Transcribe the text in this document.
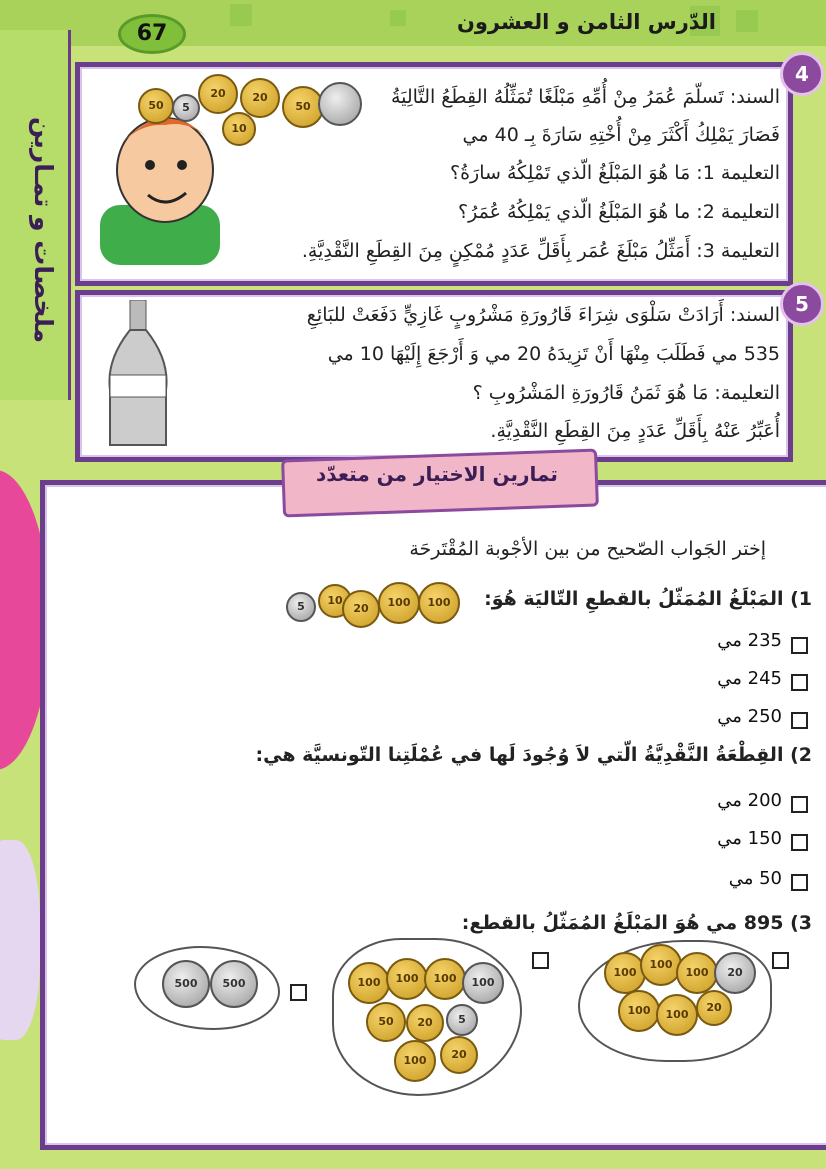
الدّرس الثامن و العشرون
67
ملخصات و تمـارين
4
50	5
20	20
10
50	السند: تَسلّمَ عُمَرُ مِنْ أُمِّهِ مَبْلَغًا تُمَثِّلُهُ القِطَعُ التَّالِيَةُ
فَصَارَ يَمْلِكُ أَكْثَرَ مِنْ أُخْتِهِ سَارَةَ بِـ 40 مي
التعليمة 1: مَا هُوَ المَبْلَغُ الّذي تَمْلِكُهُ سارَةُ؟
التعليمة 2: ما هُوَ المَبْلَغُ الّذي يَمْلِكُهُ عُمَرُ؟
التعليمة 3: أَمَثِّلُ مَبْلَغَ عُمَر بِأَقَلِّ عَدَدٍ مُمْكِنٍ مِنَ القِطَعِ النَّقْدِيَّةِ.
5
السند: أَرَادَتْ سَلْوَى شِرَاءَ قَارُورَةِ مَشْرُوبٍ غَازِيٍّ دَفَعَتْ للبَائِعِ
535 مي فَطَلَبَ مِنْهَا أَنْ تَزِيدَهُ 20 مي وَ أَرْجَعَ إِلَيْهَا 10 مي
التعليمة: مَا هُوَ ثَمَنُ قَارُورَةِ المَشْرُوبِ ؟
أُعَبِّرُ عَنْهُ بِأَقَلِّ عَدَدٍ مِنَ القِطَعِ النَّقْدِيَّةِ.
تمارين الاختيار من متعدّد
إختر الجَواب الصّحيح من بين الأجْوبة المُقْتَرحَة
1) المَبْلَغُ المُمَثّلُ بالقطعِ التّاليَة هُوَ:
5	10
20	100	100
235 مي
245 مي
250 مي
2) القِطْعَةُ النَّقْدِيَّةُ الّتي لاَ وُجُودَ لَها في عُمْلَتِنا التّونسيَّة هي:
200 مي
150 مي
50 مي
3) 895 مي هُوَ المَبْلَغُ المُمَثّلُ بالقطع:
100
100
100
100	100
20
20
100	100	100	100
50	20	5
100	20
500	500
